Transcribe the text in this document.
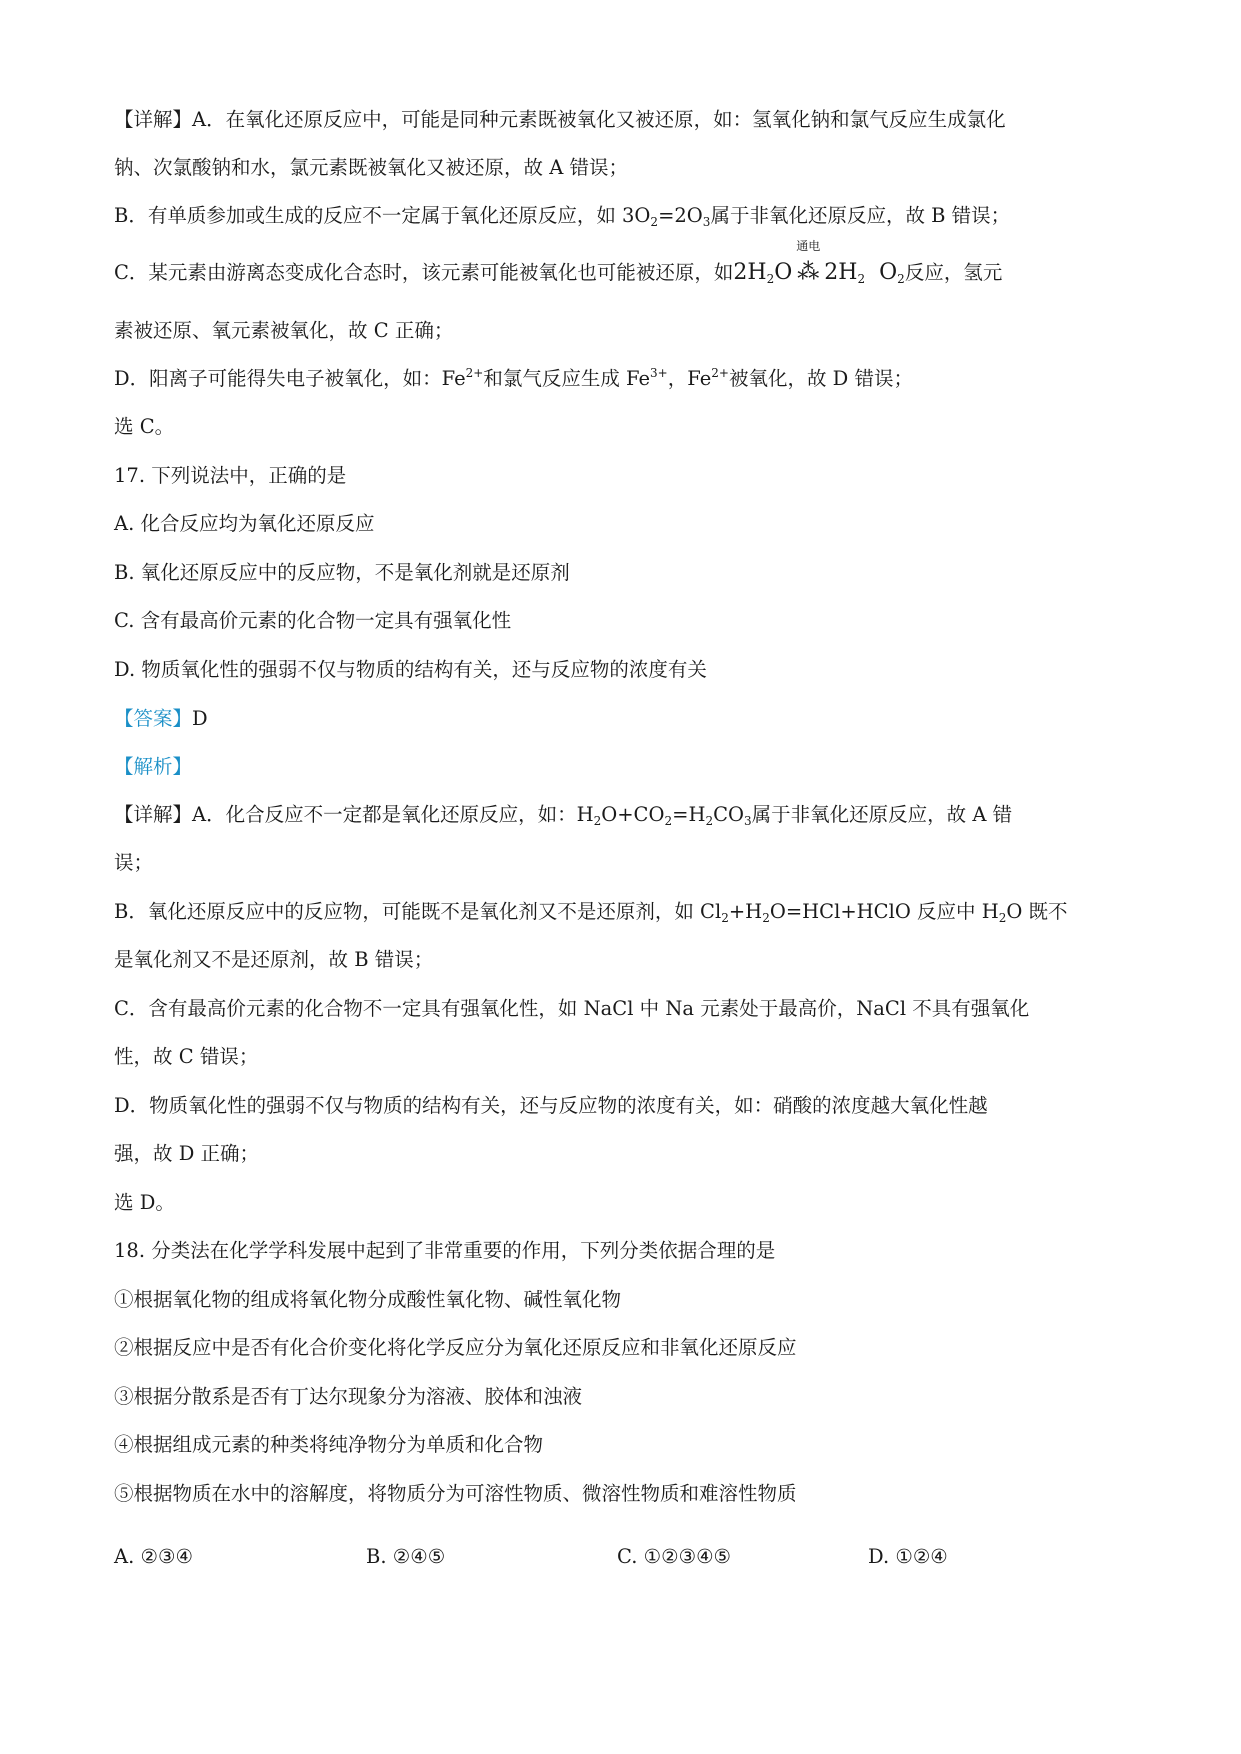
【详解】A．在氧化还原反应中，可能是同种元素既被氧化又被还原，如：氢氧化钠和氯气反应生成氯化
钠、次氯酸钠和水，氯元素既被氧化又被还原，故 A 错误；
B．有单质参加或生成的反应不一定属于氧化还原反应，如 $3O_2=2O_3$属于非氧化还原反应，故 B 错误；
C．某元素由游离态变成化合态时，该元素可能被氧化也可能被还原，如$2H_2O$
通电
⁂ $2H_2$ $O_2$反应，氢元
素被还原、氧元素被氧化，故 C 正确；
D．阳离子可能得失电子被氧化，如：$Fe^{2+}$和氯气反应生成 $Fe^{3+}$，$Fe^{2+}$被氧化，故 D 错误；
选 C。
17. 下列说法中，正确的是
A. 化合反应均为氧化还原反应
B. 氧化还原反应中的反应物，不是氧化剂就是还原剂
C. 含有最高价元素的化合物一定具有强氧化性
D. 物质氧化性的强弱不仅与物质的结构有关，还与反应物的浓度有关
【答案】D
【解析】
【详解】A．化合反应不一定都是氧化还原反应，如：$H_2O+CO_2=H_2CO_3$属于非氧化还原反应，故 A 错
误；
B．氧化还原反应中的反应物，可能既不是氧化剂又不是还原剂，如 $Cl_2+H_2O=HCl+HClO$ 反应中 $H_2O$ 既不
是氧化剂又不是还原剂，故 B 错误；
C．含有最高价元素的化合物不一定具有强氧化性，如 NaCl 中 Na 元素处于最高价，NaCl 不具有强氧化
性，故 C 错误；
D．物质氧化性的强弱不仅与物质的结构有关，还与反应物的浓度有关，如：硝酸的浓度越大氧化性越
强，故 D 正确；
选 D。
18. 分类法在化学学科发展中起到了非常重要的作用，下列分类依据合理的是
①根据氧化物的组成将氧化物分成酸性氧化物、碱性氧化物
②根据反应中是否有化合价变化将化学反应分为氧化还原反应和非氧化还原反应
③根据分散系是否有丁达尔现象分为溶液、胶体和浊液
④根据组成元素的种类将纯净物分为单质和化合物
⑤根据物质在水中的溶解度，将物质分为可溶性物质、微溶性物质和难溶性物质
A. ②③④	B. ②④⑤	C. ①②③④⑤	D. ①②④
